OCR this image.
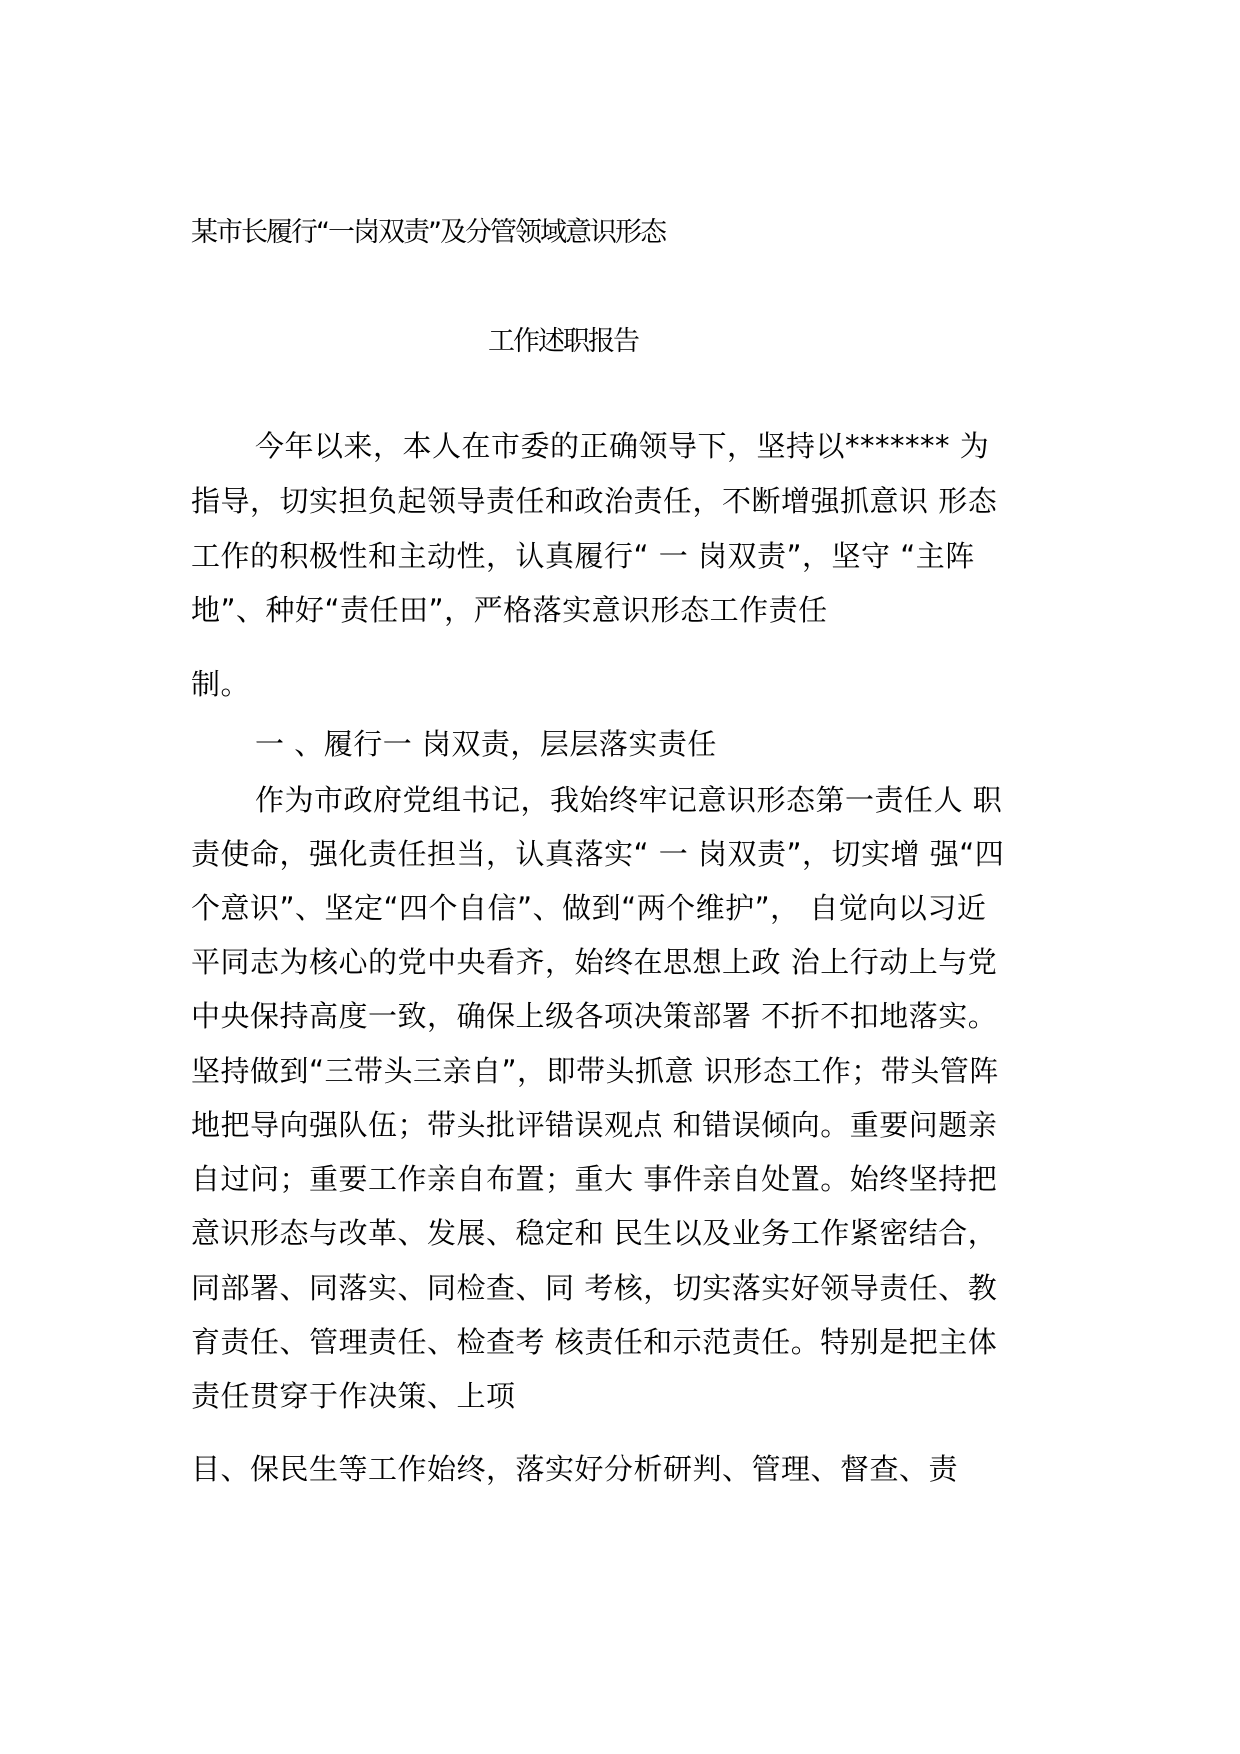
某市长履行“一岗双责”及分管领域意识形态
工作述职报告
今年以来，本人在市委的正确领导下，坚持以******* 为
指导，切实担负起领导责任和政治责任，不断增强抓意识 形态
工作的积极性和主动性，认真履行“ 一 岗双责”，坚守 “主阵
地”、种好“责任田”，严格落实意识形态工作责任
制。
一 、履行一 岗双责，层层落实责任
作为市政府党组书记，我始终牢记意识形态第一责任人 职
责使命，强化责任担当，认真落实“ 一 岗双责”，切实增 强“四
个意识”、坚定“四个自信”、做到“两个维护”， 自觉向以习近
平同志为核心的党中央看齐，始终在思想上政 治上行动上与党
中央保持高度一致，确保上级各项决策部署 不折不扣地落实。
坚持做到“三带头三亲自”，即带头抓意 识形态工作；带头管阵
地把导向强队伍；带头批评错误观点 和错误倾向。重要问题亲
自过问；重要工作亲自布置；重大 事件亲自处置。始终坚持把
意识形态与改革、发展、稳定和 民生以及业务工作紧密结合，
同部署、同落实、同检查、同 考核，切实落实好领导责任、教
育责任、管理责任、检查考 核责任和示范责任。特别是把主体
责任贯穿于作决策、上项
目、保民生等工作始终，落实好分析研判、管理、督查、责
